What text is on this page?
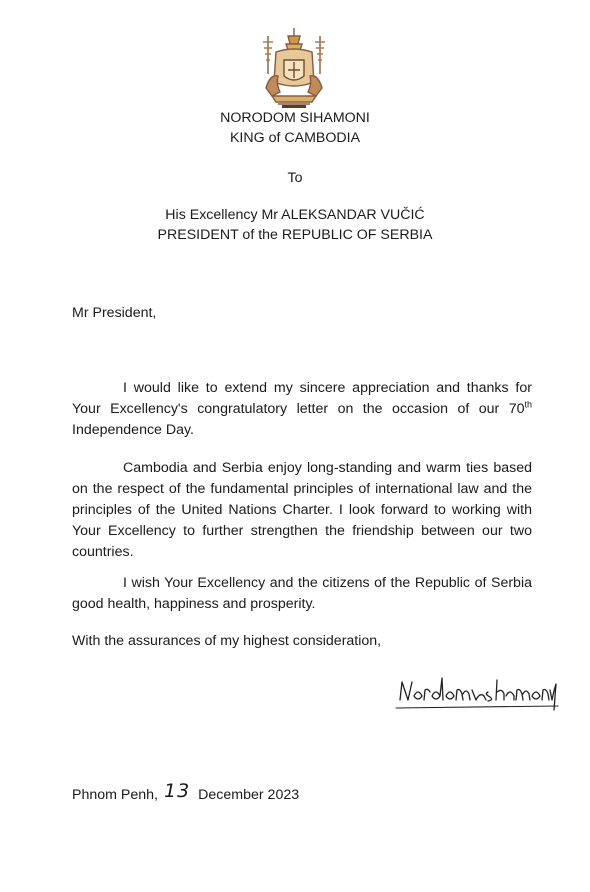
NORODOM SIHAMONI
KING of CAMBODIA
To
His Excellency Mr ALEKSANDAR VUČIĆ
PRESIDENT of the REPUBLIC OF SERBIA
Mr President,
I would like to extend my sincere appreciation and thanks for Your Excellency's congratulatory letter on the occasion of our 70th Independence Day.
Cambodia and Serbia enjoy long-standing and warm ties based on the respect of the fundamental principles of international law and the principles of the United Nations Charter. I look forward to working with Your Excellency to further strengthen the friendship between our two countries.
I wish Your Excellency and the citizens of the Republic of Serbia good health, happiness and prosperity.
With the assurances of my highest consideration,
Phnom Penh, 13 December 2023
